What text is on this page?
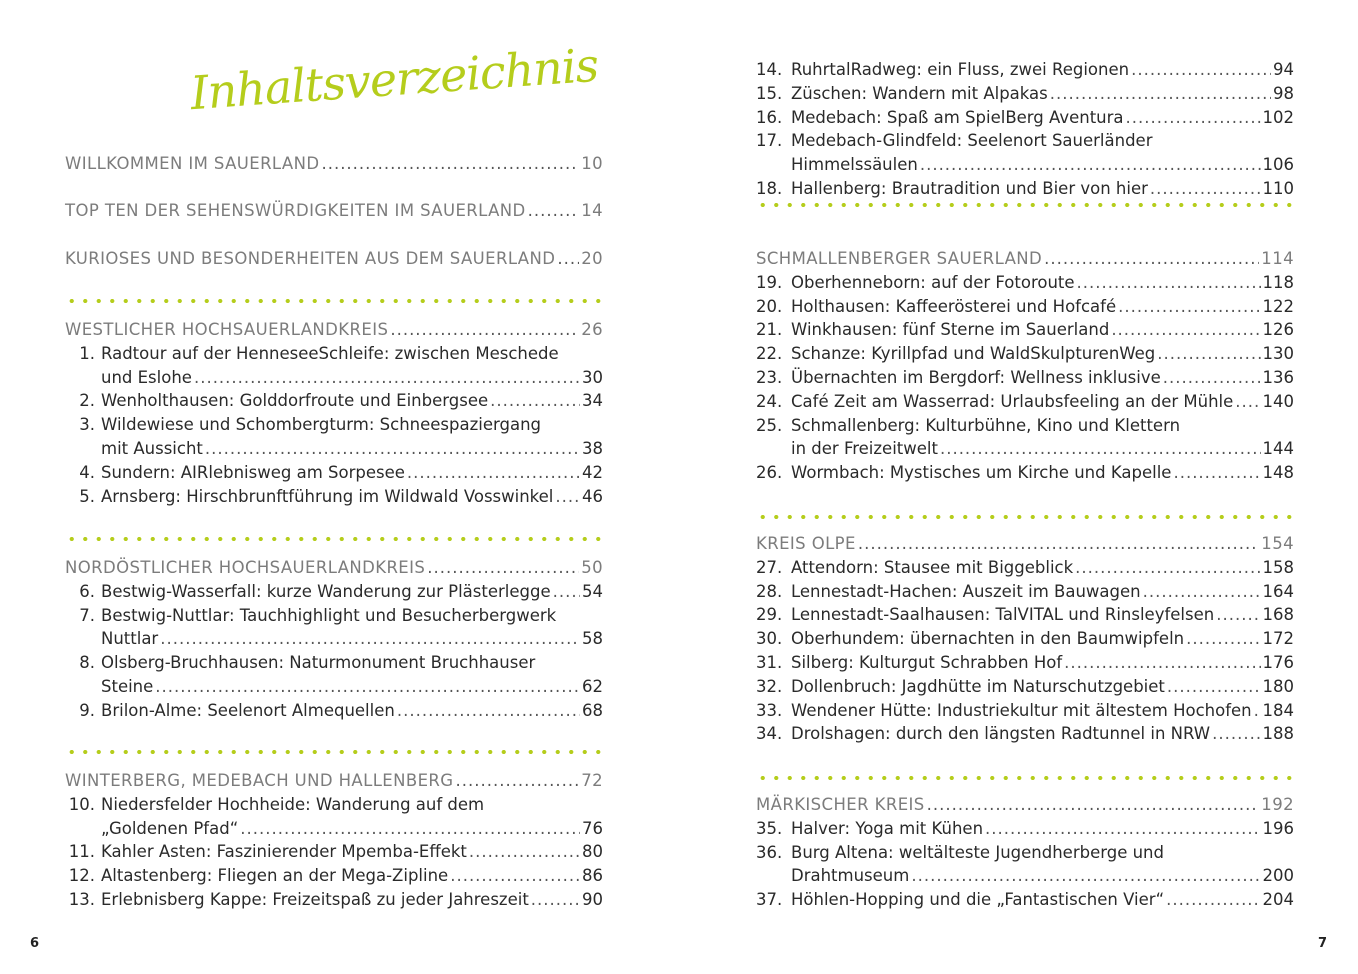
Inhaltsverzeichnis
WILLKOMMEN IM SAUERLAND .....	10
TOP TEN DER SEHENSWÜRDIGKEITEN IM SAUERLAND .....	14
KURIOSES UND BESONDERHEITEN AUS DEM SAUERLAND ..... 20
WESTLICHER HOCHSAUERLANDKREIS .....	26
1. Radtour auf der HenneseeSchleife: zwischen Meschede
und Eslohe .....	30
2. Wenholthausen: Golddorfroute und Einbergsee .....	34
3. Wildewiese und Schombergturm: Schneespaziergang
mit Aussicht .....	38
4. Sundern: AIRlebnisweg am Sorpesee .....	42
5. Arnsberg: Hirschbrunftführung im Wildwald Vosswinkel ..... 46
NORDÖSTLICHER HOCHSAUERLANDKREIS .....	50
6. Bestwig-Wasserfall: kurze Wanderung zur Plästerlegge ..... 54
7. Bestwig-Nuttlar: Tauchhighlight und Besucherbergwerk
Nuttlar .....	58
8. Olsberg-Bruchhausen: Naturmonument Bruchhauser
Steine .....	62
9. Brilon-Alme: Seelenort Almequellen .....	68
WINTERBERG, MEDEBACH UND HALLENBERG .....	72
10. Niedersfelder Hochheide: Wanderung auf dem
„Goldenen Pfad“ .....	76
11. Kahler Asten: Faszinierender Mpemba-Effekt .....	80
12. Altastenberg: Fliegen an der Mega-Zipline .....	86
13. Erlebnisberg Kappe: Freizeitspaß zu jeder Jahreszeit .....	90
14. RuhrtalRadweg: ein Fluss, zwei Regionen .....	94
15. Züschen: Wandern mit Alpakas .....	98
16. Medebach: Spaß am SpielBerg Aventura .....	102
17. Medebach-Glindfeld: Seelenort Sauerländer
Himmelssäulen .....	106
18. Hallenberg: Brautradition und Bier von hier .....	110
SCHMALLENBERGER SAUERLAND .....	114
19. Oberhenneborn: auf der Fotoroute .....	118
20. Holthausen: Kaffeerösterei und Hofcafé .....	122
21. Winkhausen: fünf Sterne im Sauerland .....	126
22. Schanze: Kyrillpfad und WaldSkulpturenWeg .....	130
23. Übernachten im Bergdorf: Wellness inklusive .....	136
24. Café Zeit am Wasserrad: Urlaubsfeeling an der Mühle ..... 140
25. Schmallenberg: Kulturbühne, Kino und Klettern
in der Freizeitwelt .....	144
26. Wormbach: Mystisches um Kirche und Kapelle .....	148
KREIS OLPE .....	154
27. Attendorn: Stausee mit Biggeblick .....	158
28. Lennestadt-Hachen: Auszeit im Bauwagen .....	164
29. Lennestadt-Saalhausen: TalVITAL und Rinsleyfelsen .....	168
30. Oberhundem: übernachten in den Baumwipfeln .....	172
31. Silberg: Kulturgut Schrabben Hof .....	176
32. Dollenbruch: Jagdhütte im Naturschutzgebiet .....	180
33. Wendener Hütte: Industriekultur mit ältestem Hochofen ..... 184
34. Drolshagen: durch den längsten Radtunnel in NRW .....	188
MÄRKISCHER KREIS .....	192
35. Halver: Yoga mit Kühen .....	196
36. Burg Altena: weltälteste Jugendherberge und
Drahtmuseum .....	200
37. Höhlen-Hopping und die „Fantastischen Vier“ .....	204
6	7
